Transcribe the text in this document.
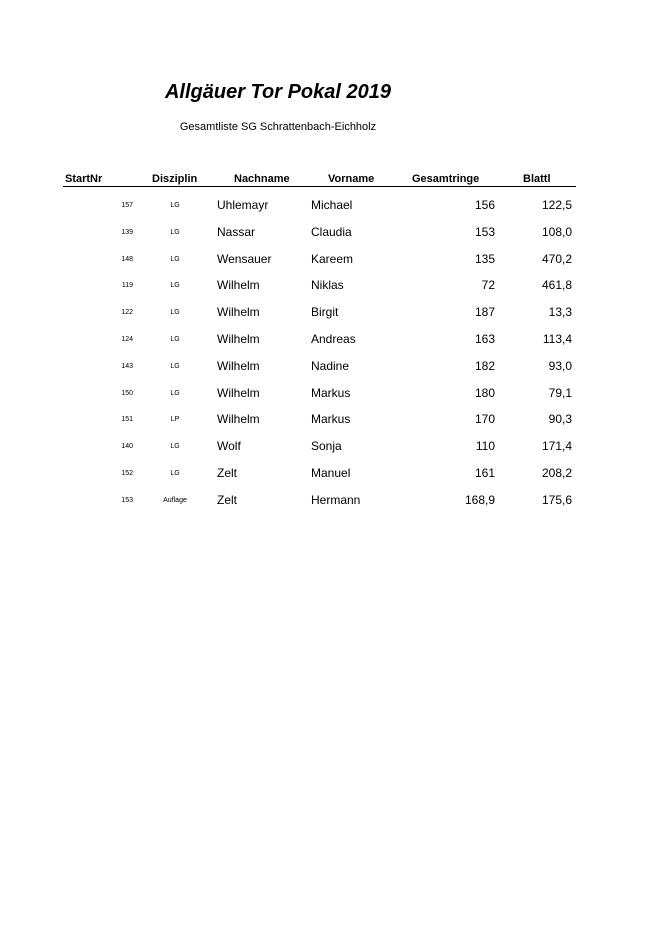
Allgäuer Tor Pokal 2019
Gesamtliste SG Schrattenbach-Eichholz
StartNr	Disziplin	Nachname	Vorname	Gesamtringe	Blattl
157	LG	Uhlemayr	Michael	156	122,5
139	LG	Nassar	Claudia	153	108,0
148	LG	Wensauer	Kareem	135	470,2
119	LG	Wilhelm	Niklas	72	461,8
122	LG	Wilhelm	Birgit	187	13,3
124	LG	Wilhelm	Andreas	163	113,4
143	LG	Wilhelm	Nadine	182	93,0
150	LG	Wilhelm	Markus	180	79,1
151	LP	Wilhelm	Markus	170	90,3
140	LG	Wolf	Sonja	110	171,4
152	LG	Zelt	Manuel	161	208,2
153	Auflage	Zelt	Hermann	168,9	175,6
